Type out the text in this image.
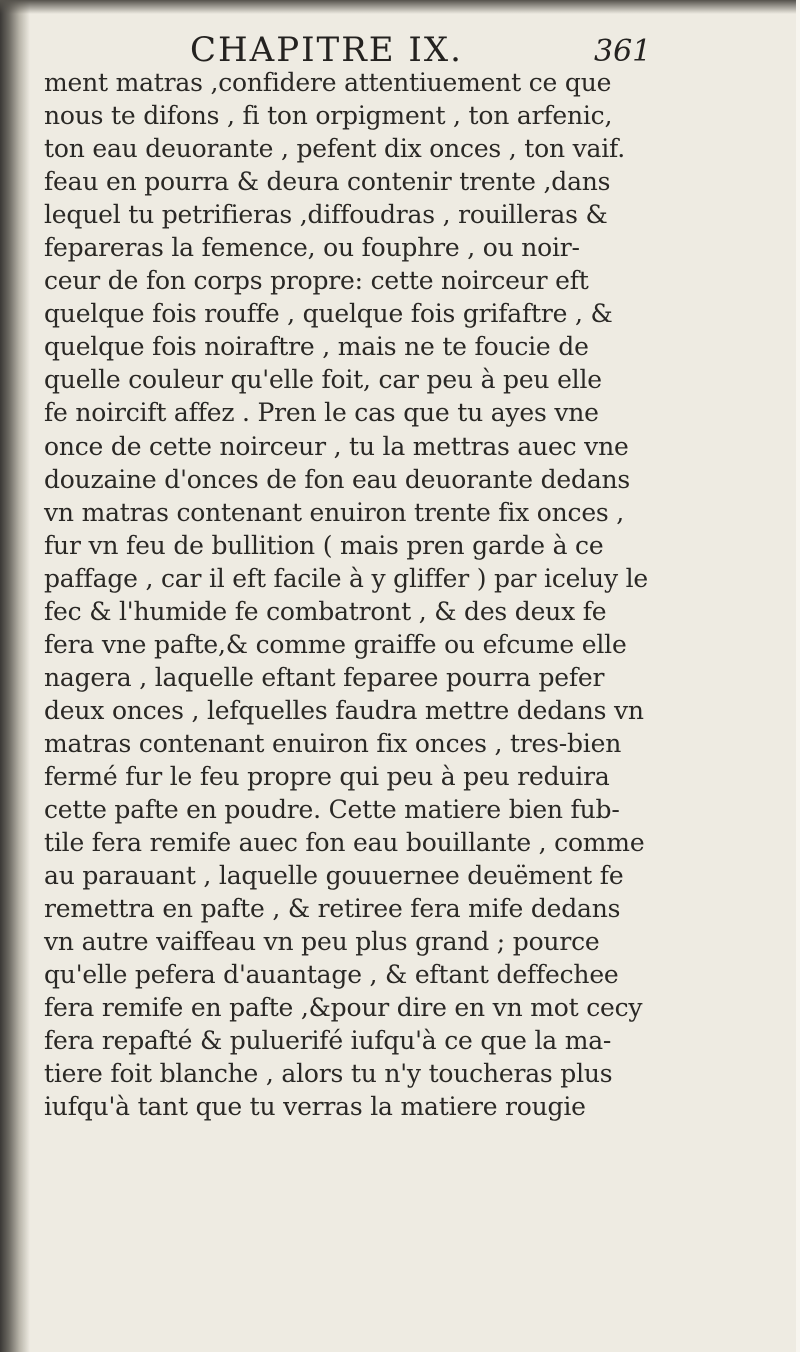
CHAPITRE IX.	361
ment matras ,confidere attentiuement ce que
nous te difons , fi ton orpigment , ton arfenic,
ton eau deuorante , pefent dix onces , ton vaif.
feau en pourra & deura contenir trente ,dans
lequel tu petrifieras ,diffoudras , rouilleras &
fepareras la femence, ou fouphre , ou noir-
ceur de fon corps propre: cette noirceur eft
quelque fois rouffe , quelque fois grifaftre , &
quelque fois noiraftre , mais ne te foucie de
quelle couleur qu'elle foit, car peu à peu elle
fe noircift affez . Pren le cas que tu ayes vne
once de cette noirceur , tu la mettras auec vne
douzaine d'onces de fon eau deuorante dedans
vn matras contenant enuiron trente fix onces ,
fur vn feu de bullition ( mais pren garde à ce
paffage , car il eft facile à y gliffer ) par iceluy le
fec & l'humide fe combatront , & des deux fe
fera vne pafte,& comme graiffe ou efcume elle
nagera , laquelle eftant feparee pourra pefer
deux onces , lefquelles faudra mettre dedans vn
matras contenant enuiron fix onces , tres-bien
fermé fur le feu propre qui peu à peu reduira
cette pafte en poudre. Cette matiere bien fub-
tile fera remife auec fon eau bouillante , comme
au parauant , laquelle gouuernee deuëment fe
remettra en pafte , & retiree fera mife dedans
vn autre vaiffeau vn peu plus grand ; pource
qu'elle pefera d'auantage , & eftant deffechee
fera remife en pafte ,&pour dire en vn mot cecy
fera repafté & puluerifé iufqu'à ce que la ma-
tiere foit blanche , alors tu n'y toucheras plus
iufqu'à tant que tu verras la matiere rougie
